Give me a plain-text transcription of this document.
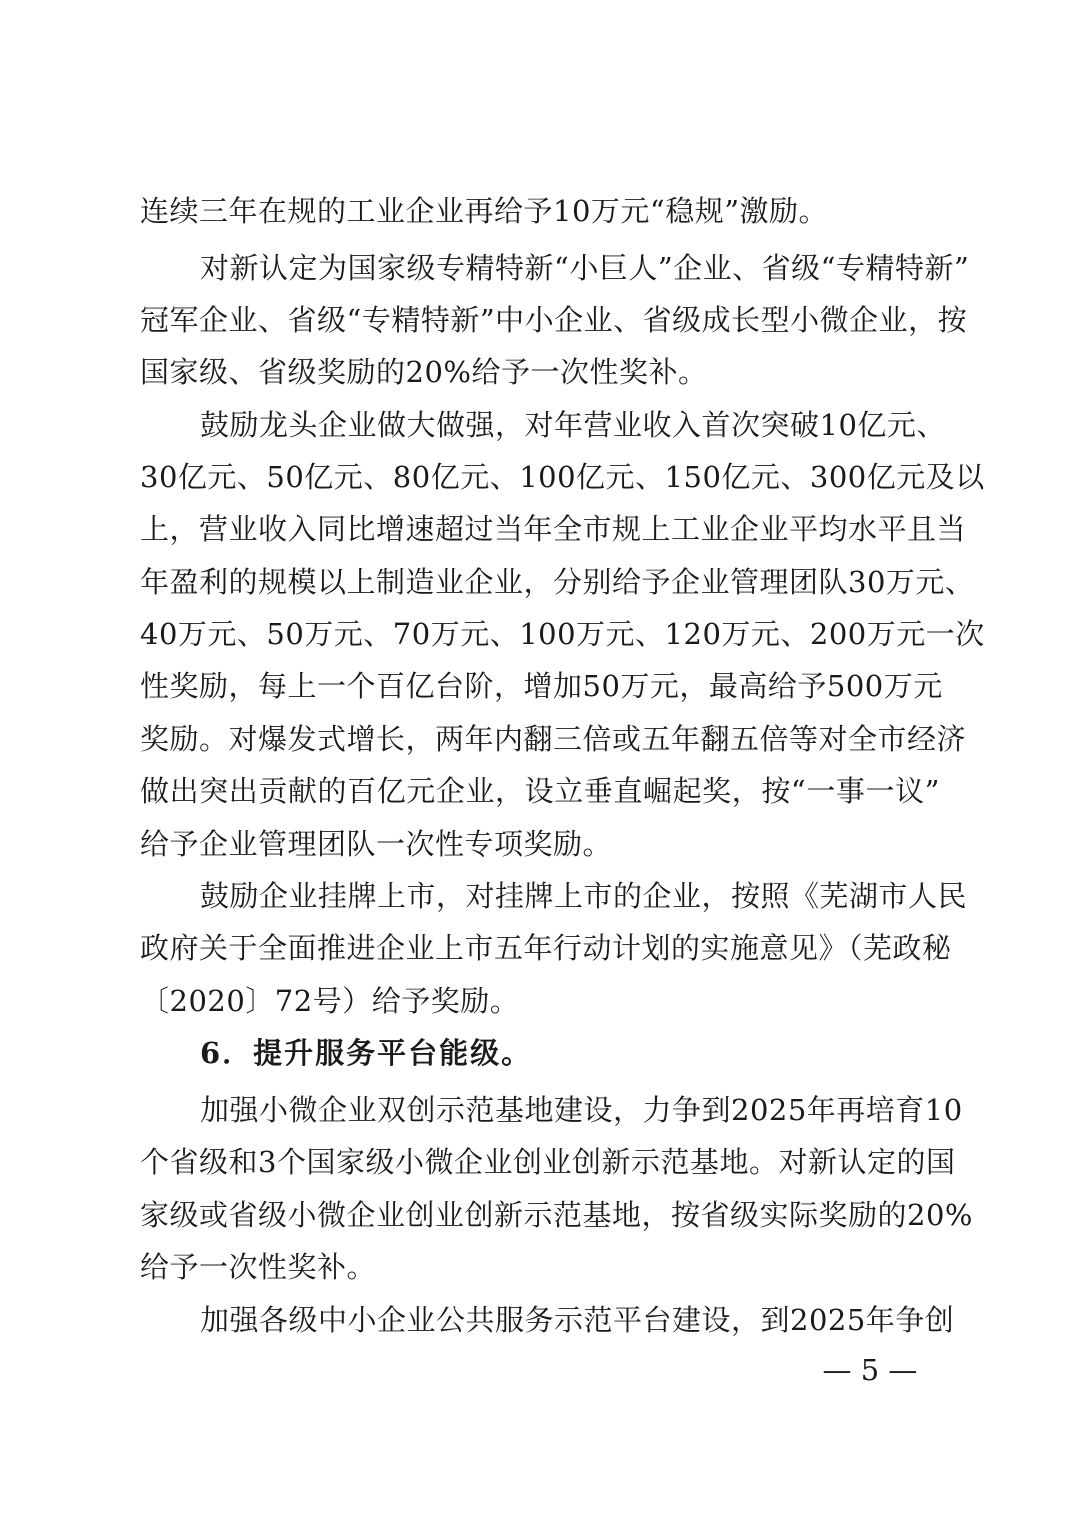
连续三年在规的工业企业再给予10万元“稳规”激励。
对新认定为国家级专精特新“小巨人”企业、省级“专精特新”
冠军企业、省级“专精特新”中小企业、省级成长型小微企业，按
国家级、省级奖励的20%给予一次性奖补。
鼓励龙头企业做大做强，对年营业收入首次突破10亿元、
30亿元、50亿元、80亿元、100亿元、150亿元、300亿元及以
上，营业收入同比增速超过当年全市规上工业企业平均水平且当
年盈利的规模以上制造业企业，分别给予企业管理团队30万元、
40万元、50万元、70万元、100万元、120万元、200万元一次
性奖励，每上一个百亿台阶，增加50万元，最高给予500万元
奖励。对爆发式增长，两年内翻三倍或五年翻五倍等对全市经济
做出突出贡献的百亿元企业，设立垂直崛起奖，按“一事一议”
给予企业管理团队一次性专项奖励。
鼓励企业挂牌上市，对挂牌上市的企业，按照《芜湖市人民
政府关于全面推进企业上市五年行动计划的实施意见》（芜政秘
〔2020〕72号）给予奖励。
6．提升服务平台能级。
加强小微企业双创示范基地建设，力争到2025年再培育10
个省级和3个国家级小微企业创业创新示范基地。对新认定的国
家级或省级小微企业创业创新示范基地，按省级实际奖励的20%
给予一次性奖补。
加强各级中小企业公共服务示范平台建设，到2025年争创
— 5 —
